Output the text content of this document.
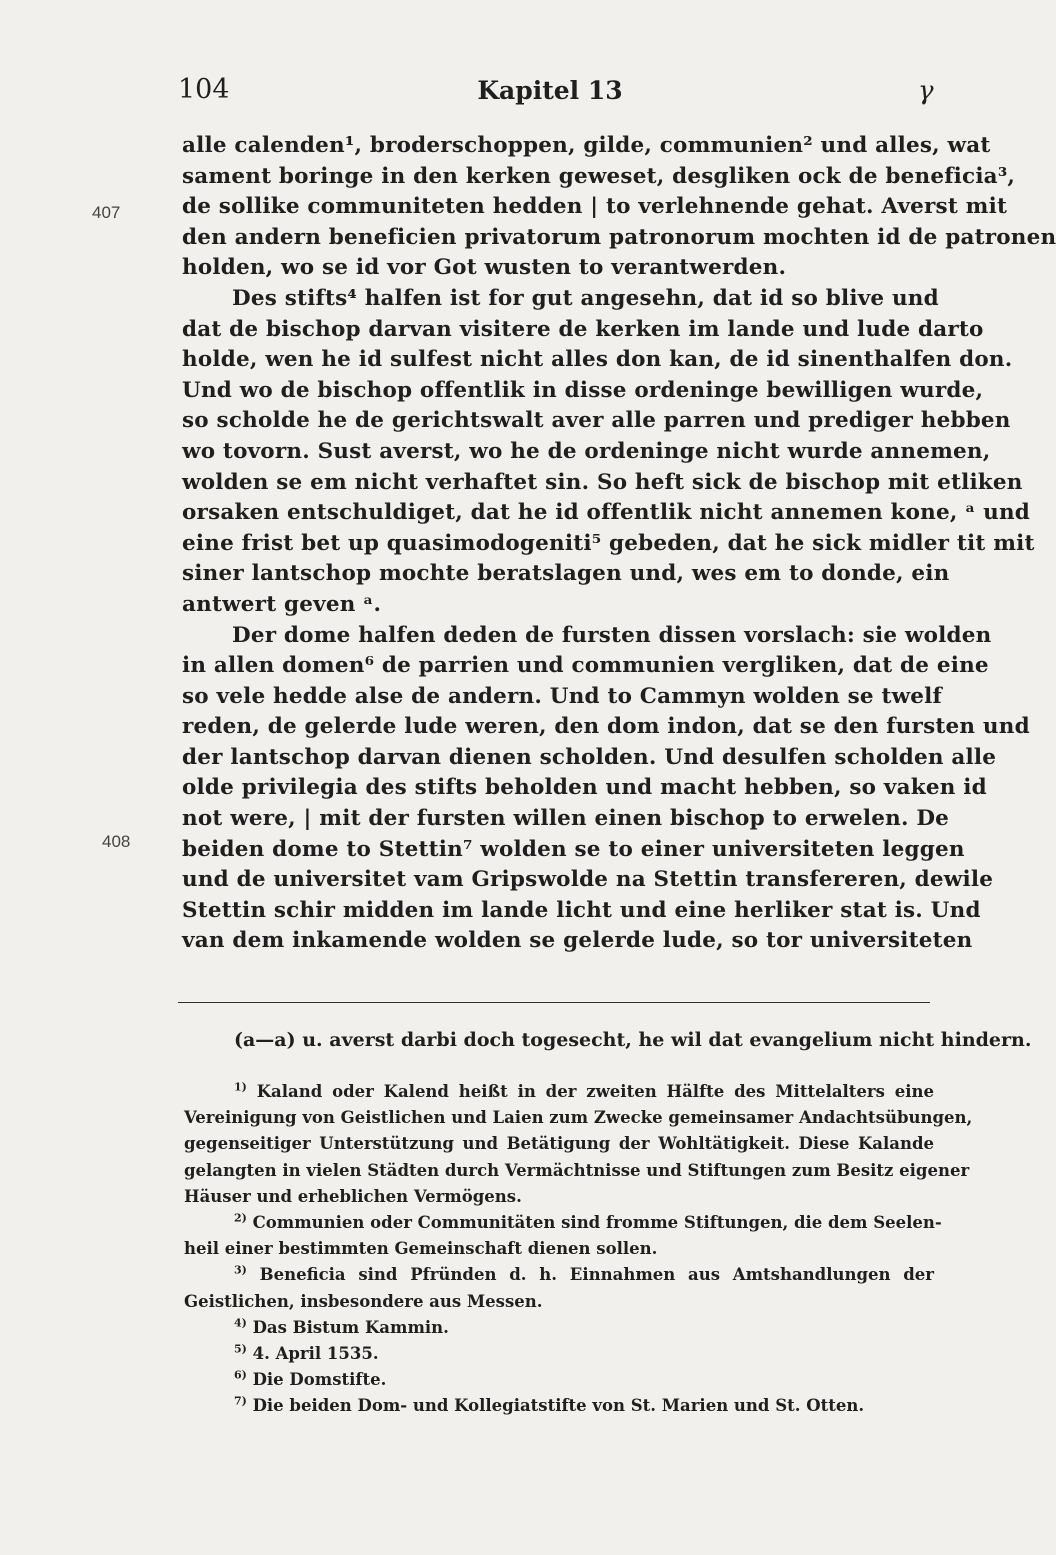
104	Kapitel 13	γ
407
408
alle calenden¹, broderschoppen, gilde, communien² und alles, wat
sament boringe in den kerken geweset, desgliken ock de beneficia³,
de sollike communiteten hedden | to verlehnende gehat. Averst mit
den andern beneficien privatorum patronorum mochten id de patronen
holden, wo se id vor Got wusten to verantwerden.
Des stifts⁴ halfen ist for gut angesehn, dat id so blive und
dat de bischop darvan visitere de kerken im lande und lude darto
holde, wen he id sulfest nicht alles don kan, de id sinenthalfen don.
Und wo de bischop offentlik in disse ordeninge bewilligen wurde,
so scholde he de gerichtswalt aver alle parren und prediger hebben
wo tovorn. Sust averst, wo he de ordeninge nicht wurde annemen,
wolden se em nicht verhaftet sin. So heft sick de bischop mit etliken
orsaken entschuldiget, dat he id offentlik nicht annemen kone, ᵃ und
eine frist bet up quasimodogeniti⁵ gebeden, dat he sick midler tit mit
siner lantschop mochte beratslagen und, wes em to donde, ein
antwert geven ᵃ.
Der dome halfen deden de fursten dissen vorslach: sie wolden
in allen domen⁶ de parrien und communien vergliken, dat de eine
so vele hedde alse de andern. Und to Cammyn wolden se twelf
reden, de gelerde lude weren, den dom indon, dat se den fursten und
der lantschop darvan dienen scholden. Und desulfen scholden alle
olde privilegia des stifts beholden und macht hebben, so vaken id
not were, | mit der fursten willen einen bischop to erwelen. De
beiden dome to Stettin⁷ wolden se to einer universiteten leggen
und de universitet vam Gripswolde na Stettin transfereren, dewile
Stettin schir midden im lande licht und eine herliker stat is. Und
van dem inkamende wolden se gelerde lude, so tor universiteten
(a—a) u. averst darbi doch togesecht, he wil dat evangelium nicht hindern.
$^{1)}$ Kaland oder Kalend heißt in der zweiten Hälfte des Mittelalters eine
Vereinigung von Geistlichen und Laien zum Zwecke gemeinsamer Andachtsübungen,
gegenseitiger Unterstützung und Betätigung der Wohltätigkeit. Diese Kalande
gelangten in vielen Städten durch Vermächtnisse und Stiftungen zum Besitz eigener
Häuser und erheblichen Vermögens.
$^{2)}$ Communien oder Communitäten sind fromme Stiftungen, die dem Seelen-
heil einer bestimmten Gemeinschaft dienen sollen.
$^{3)}$ Beneficia sind Pfründen d. h. Einnahmen aus Amtshandlungen der
Geistlichen, insbesondere aus Messen.
$^{4)}$ Das Bistum Kammin.
$^{5)}$ 4. April 1535.
$^{6)}$ Die Domstifte.
$^{7)}$ Die beiden Dom- und Kollegiatstifte von St. Marien und St. Otten.
